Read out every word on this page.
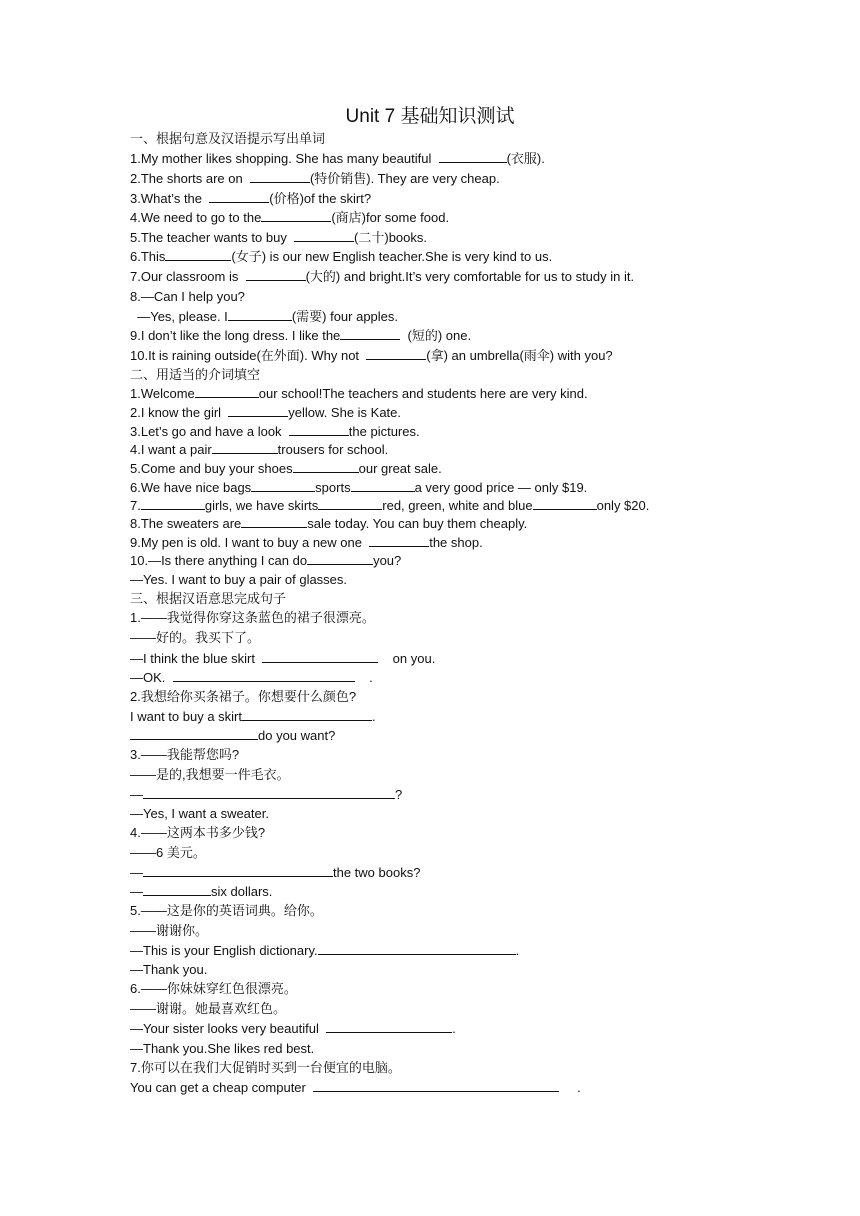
Unit 7 基础知识测试
一、根据句意及汉语提示写出单词
1.My mother likes shopping. She has many beautiful	(衣服).
2.The shorts are on	(特价销售). They are very cheap.
3.What’s the	(价格)of the skirt?
4.We need to go to the	(商店)for some food.
5.The teacher wants to buy	(二十)books.
6.This	(女子) is our new English teacher.She is very kind to us.
7.Our classroom is	(大的) and bright.It’s very comfortable for us to study in it.
8.—Can I help you?
—Yes, please. I	(需要) four apples.
9.I don’t like the long dress. I like the	(短的) one.
10.It is raining outside(在外面). Why not	(拿) an umbrella(雨伞) with you?
二、用适当的介词填空
1.Welcome	our school!The teachers and students here are very kind.
2.I know the girl	yellow. She is Kate.
3.Let’s go and have a look	the pictures.
4.I want a pair	trousers for school.
5.Come and buy your shoes	our great sale.
6.We have nice bags	sports	a very good price — only $19.
7.	girls, we have skirts	red, green, white and blue	only $20.
8.The sweaters are	sale today. You can buy them cheaply.
9.My pen is old. I want to buy a new one	the shop.
10.—Is there anything I can do	you?
—Yes. I want to buy a pair of glasses.
三、根据汉语意思完成句子
1.——我觉得你穿这条蓝色的裙子很漂亮。
——好的。我买下了。
—I think the blue skirt	on you.
—OK.	.
2.我想给你买条裙子。你想要什么颜色?
I want to buy a skirt	.
do you want?
3.——我能帮您吗?
——是的,我想要一件毛衣。
—	?
—Yes, I want a sweater.
4.——这两本书多少钱?
——6 美元。
—	the two books?
—	six dollars.
5.——这是你的英语词典。给你。
——谢谢你。
—This is your English dictionary.	.
—Thank you.
6.——你妹妹穿红色很漂亮。
——谢谢。她最喜欢红色。
—Your sister looks very beautiful	.
—Thank you.She likes red best.
7.你可以在我们大促销时买到一台便宜的电脑。
You can get a cheap computer	.
